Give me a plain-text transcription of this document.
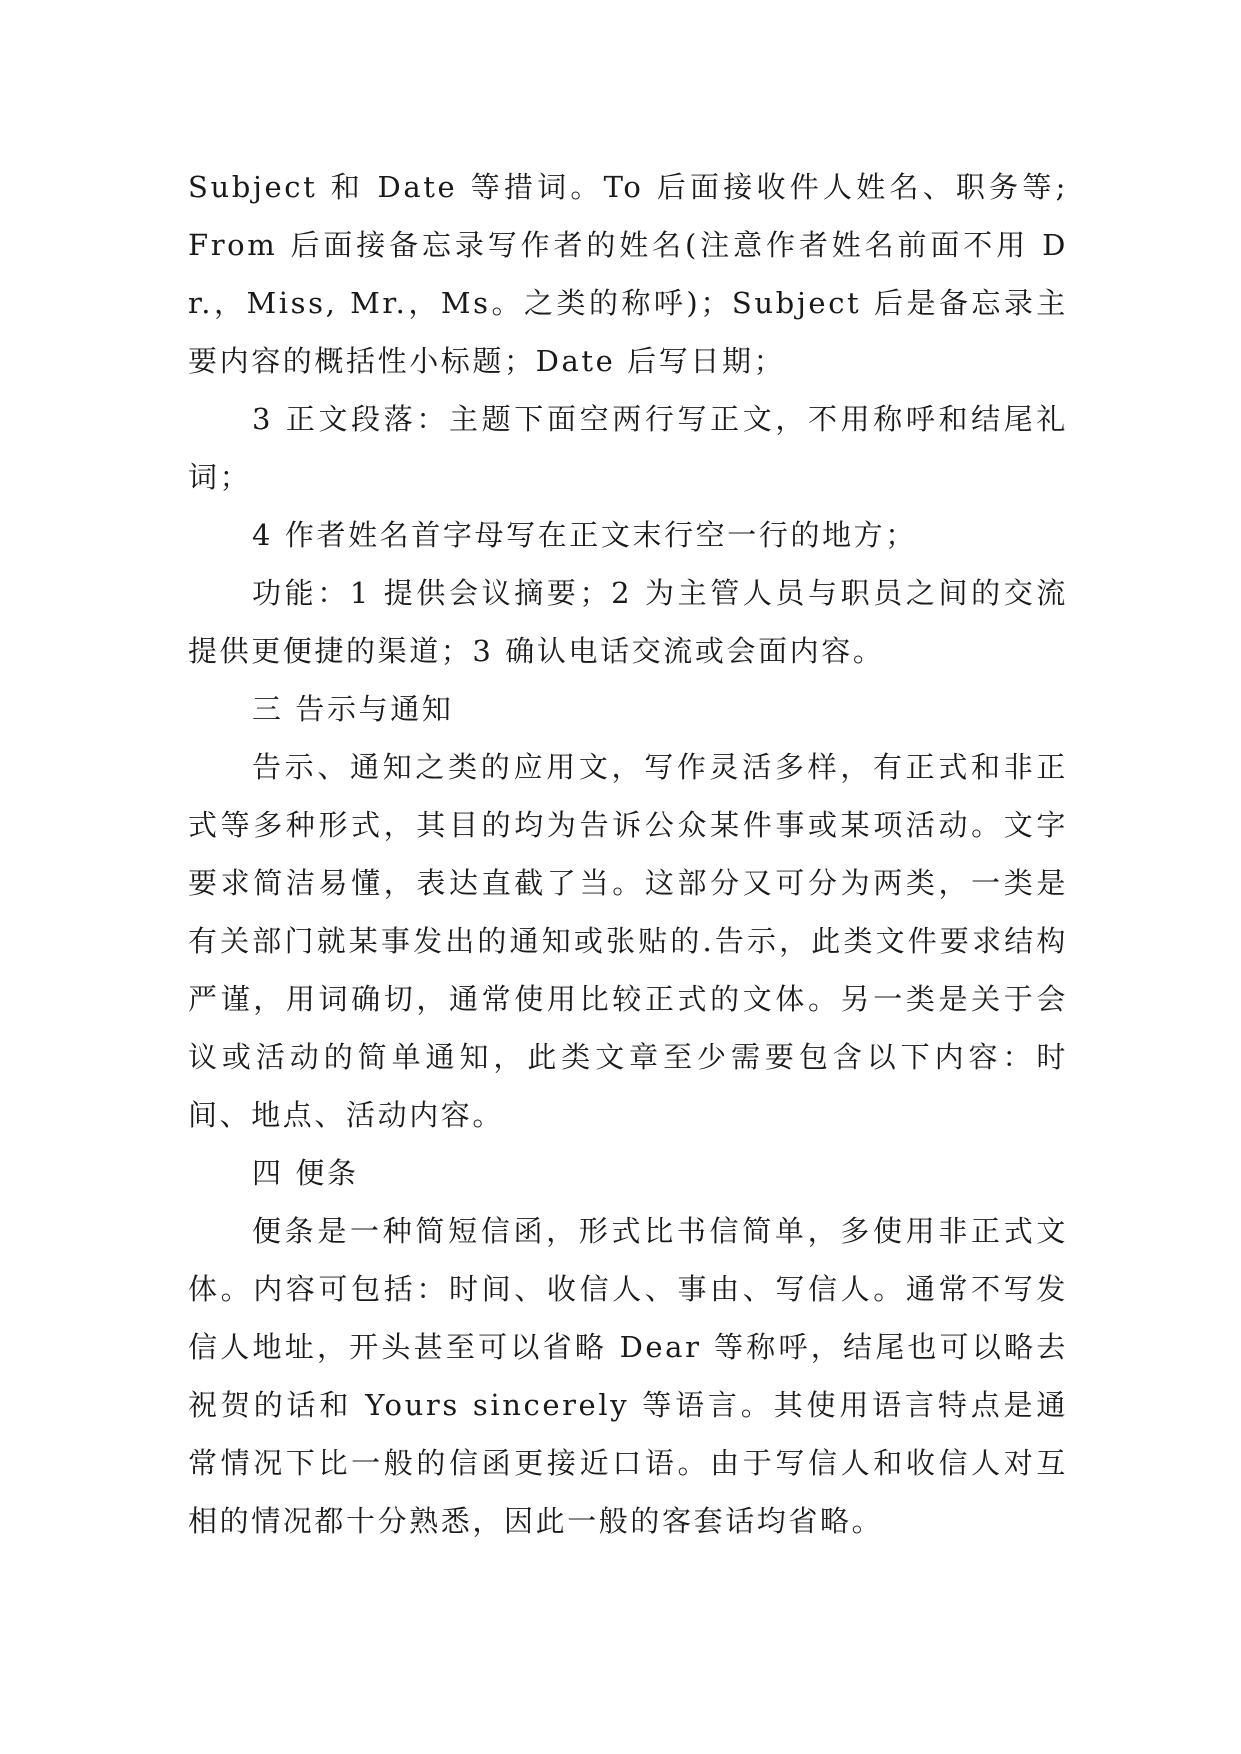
Subject 和 Date 等措词。To 后面接收件人姓名、职务等; From 后面接备忘录写作者的姓名(注意作者姓名前面不用 Dr.，Miss, Mr.，Ms。之类的称呼)；Subject 后是备忘录主要内容的概括性小标题；Date 后写日期；

3 正文段落：主题下面空两行写正文，不用称呼和结尾礼词；

4 作者姓名首字母写在正文末行空一行的地方；

功能：1 提供会议摘要；2 为主管人员与职员之间的交流提供更便捷的渠道；3 确认电话交流或会面内容。

三 告示与通知

告示、通知之类的应用文，写作灵活多样，有正式和非正式等多种形式，其目的均为告诉公众某件事或某项活动。文字要求简洁易懂，表达直截了当。这部分又可分为两类，一类是有关部门就某事发出的通知或张贴的.告示，此类文件要求结构严谨，用词确切，通常使用比较正式的文体。另一类是关于会议或活动的简单通知，此类文章至少需要包含以下内容：时间、地点、活动内容。

四 便条

便条是一种简短信函，形式比书信简单，多使用非正式文体。内容可包括：时间、收信人、事由、写信人。通常不写发信人地址，开头甚至可以省略 Dear 等称呼，结尾也可以略去祝贺的话和 Yours sincerely 等语言。其使用语言特点是通常情况下比一般的信函更接近口语。由于写信人和收信人对互相的情况都十分熟悉，因此一般的客套话均省略。
